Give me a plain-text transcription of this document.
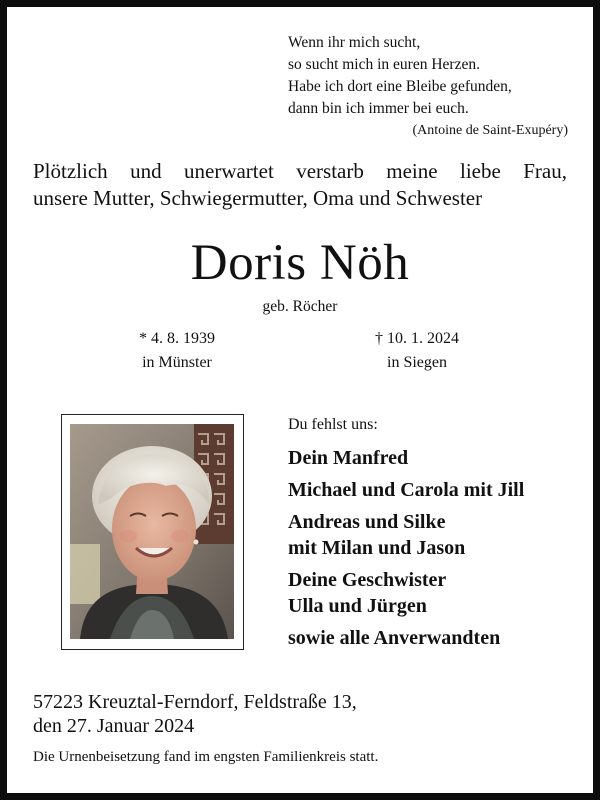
Wenn ihr mich sucht,
so sucht mich in euren Herzen.
Habe ich dort eine Bleibe gefunden,
dann bin ich immer bei euch.
(Antoine de Saint-Exupéry)
Plötzlich und unerwartet verstarb meine liebe Frau,
unsere Mutter, Schwiegermutter, Oma und Schwester
Doris Nöh
geb. Röcher
* 4. 8. 1939
in Münster
† 10. 1. 2024
in Siegen
Du fehlst uns:
Dein Manfred
Michael und Carola mit Jill
Andreas und Silke
mit Milan und Jason
Deine Geschwister
Ulla und Jürgen
sowie alle Anverwandten
57223 Kreuztal-Ferndorf, Feldstraße 13,
den 27. Januar 2024
Die Urnenbeisetzung fand im engsten Familienkreis statt.
